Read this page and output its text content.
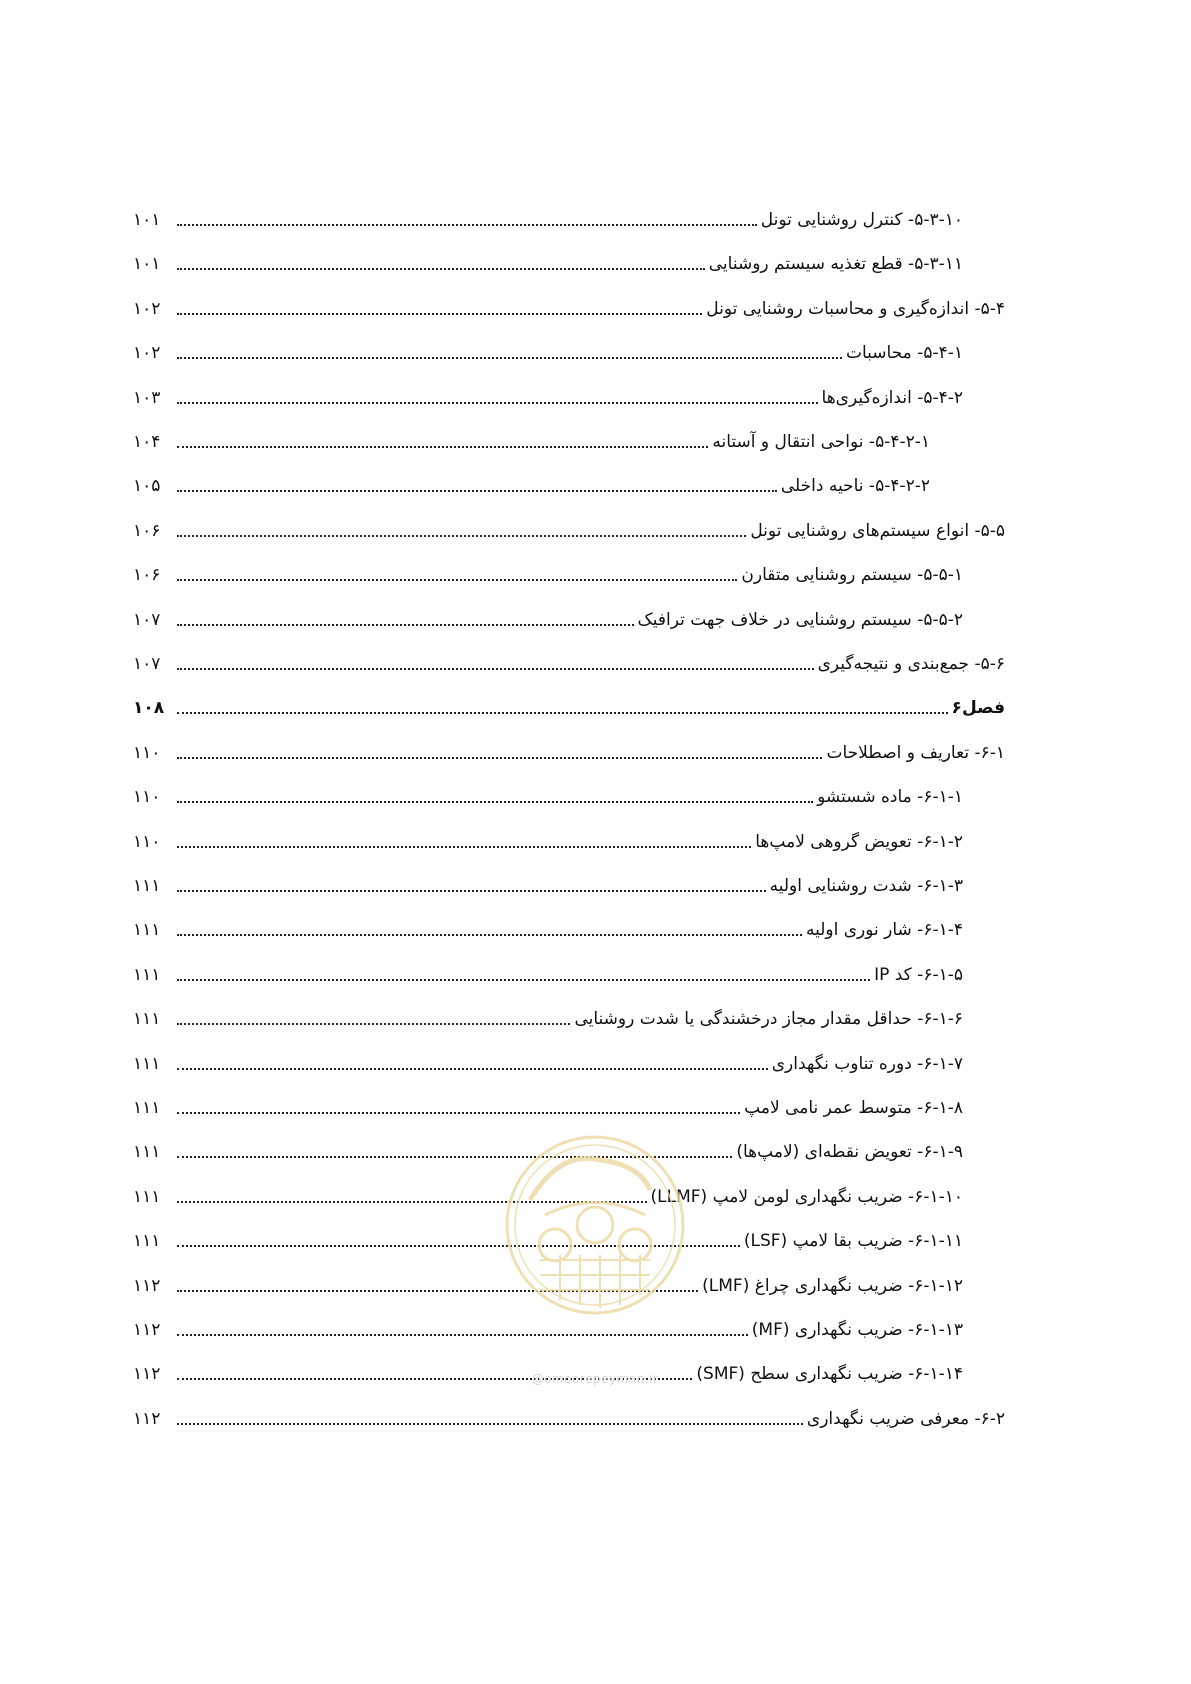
۵-۳-۱۰- کنترل روشنایی تونل
۱۰۱
۵-۳-۱۱- قطع تغذیه سیستم روشنایی
۱۰۱
۵-۴- اندازه‌گیری و محاسبات روشنایی تونل
۱۰۲
۵-۴-۱- محاسبات
۱۰۲
۵-۴-۲- اندازه‌گیری‌ها
۱۰۳
۵-۴-۲-۱- نواحی انتقال و آستانه
۱۰۴
۵-۴-۲-۲- ناحیه داخلی
۱۰۵
۵-۵- انواع سیستم‌های روشنایی تونل
۱۰۶
۵-۵-۱- سیستم روشنایی متقارن
۱۰۶
۵-۵-۲- سیستم روشنایی در خلاف جهت ترافیک
۱۰۷
۵-۶- جمع‌بندی و نتیجه‌گیری
۱۰۷
فصل۶
۱۰۸
۶-۱- تعاریف و اصطلاحات
۱۱۰
۶-۱-۱- ماده شستشو
۱۱۰
۶-۱-۲- تعویض گروهی لامپ‌ها
۱۱۰
۶-۱-۳- شدت روشنایی اولیه
۱۱۱
۶-۱-۴- شار نوری اولیه
۱۱۱
۶-۱-۵- کد IP
۱۱۱
۶-۱-۶- حداقل مقدار مجاز درخشندگی یا شدت روشنایی
۱۱۱
۶-۱-۷- دوره تناوب نگهداری
۱۱۱
۶-۱-۸- متوسط عمر نامی لامپ
۱۱۱
۶-۱-۹- تعویض نقطه‌ای (لامپ‌ها)
۱۱۱
۶-۱-۱۰- ضریب نگهداری لومن لامپ (LLMF)
۱۱۱
۶-۱-۱۱- ضریب بقا لامپ (LSF)
۱۱۱
۶-۱-۱۲- ضریب نگهداری چراغ (LMF)
۱۱۲
۶-۱-۱۳- ضریب نگهداری (MF)
۱۱۲
۶-۱-۱۴- ضریب نگهداری سطح (SMF)
۱۱۲
۶-۲- معرفی ضریب نگهداری
۱۱۲
@omoorepeyman.ir
